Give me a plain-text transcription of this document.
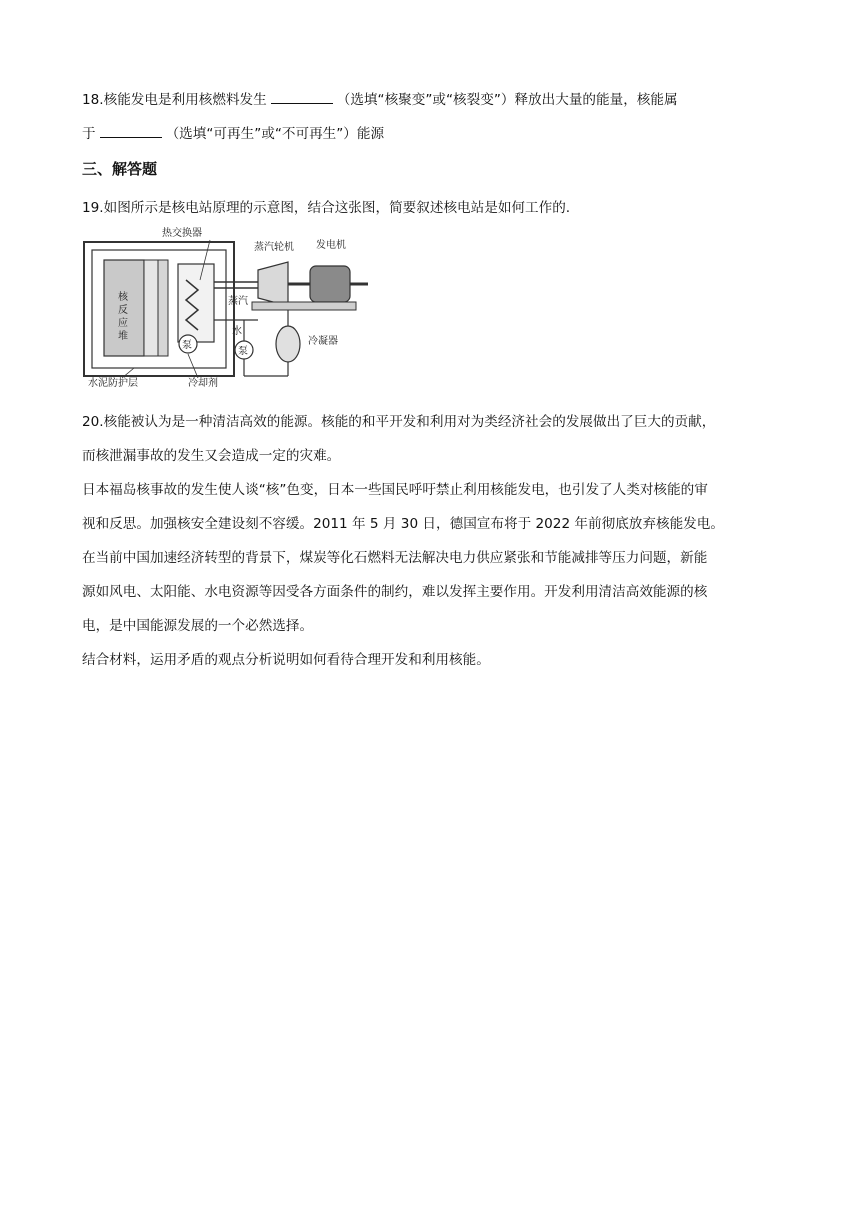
18.核能发电是利用核燃料发生	（选填“核聚变”或“核裂变”）释放出大量的能量，核能属
于	（选填“可再生”或“不可再生”）能源
三、解答题
19.如图所示是核电站原理的示意图，结合这张图，简要叙述核电站是如何工作的.
核
反
应
堆
热交换器
泵
蒸汽
水
蒸汽轮机 发电机
冷凝器
泵
水泥防护层	冷却剂
20.核能被认为是一种清洁高效的能源。核能的和平开发和利用对为类经济社会的发展做出了巨大的贡献，
而核泄漏事故的发生又会造成一定的灾难。
日本福岛核事故的发生使人谈“核”色变，日本一些国民呼吁禁止利用核能发电，也引发了人类对核能的审
视和反思。加强核安全建设刻不容缓。2011 年 5 月 30 日，德国宣布将于 2022 年前彻底放弃核能发电。
在当前中国加速经济转型的背景下，煤炭等化石燃料无法解决电力供应紧张和节能减排等压力问题，新能
源如风电、太阳能、水电资源等因受各方面条件的制约，难以发挥主要作用。开发利用清洁高效能源的核
电，是中国能源发展的一个必然选择。
结合材料，运用矛盾的观点分析说明如何看待合理开发和利用核能。
